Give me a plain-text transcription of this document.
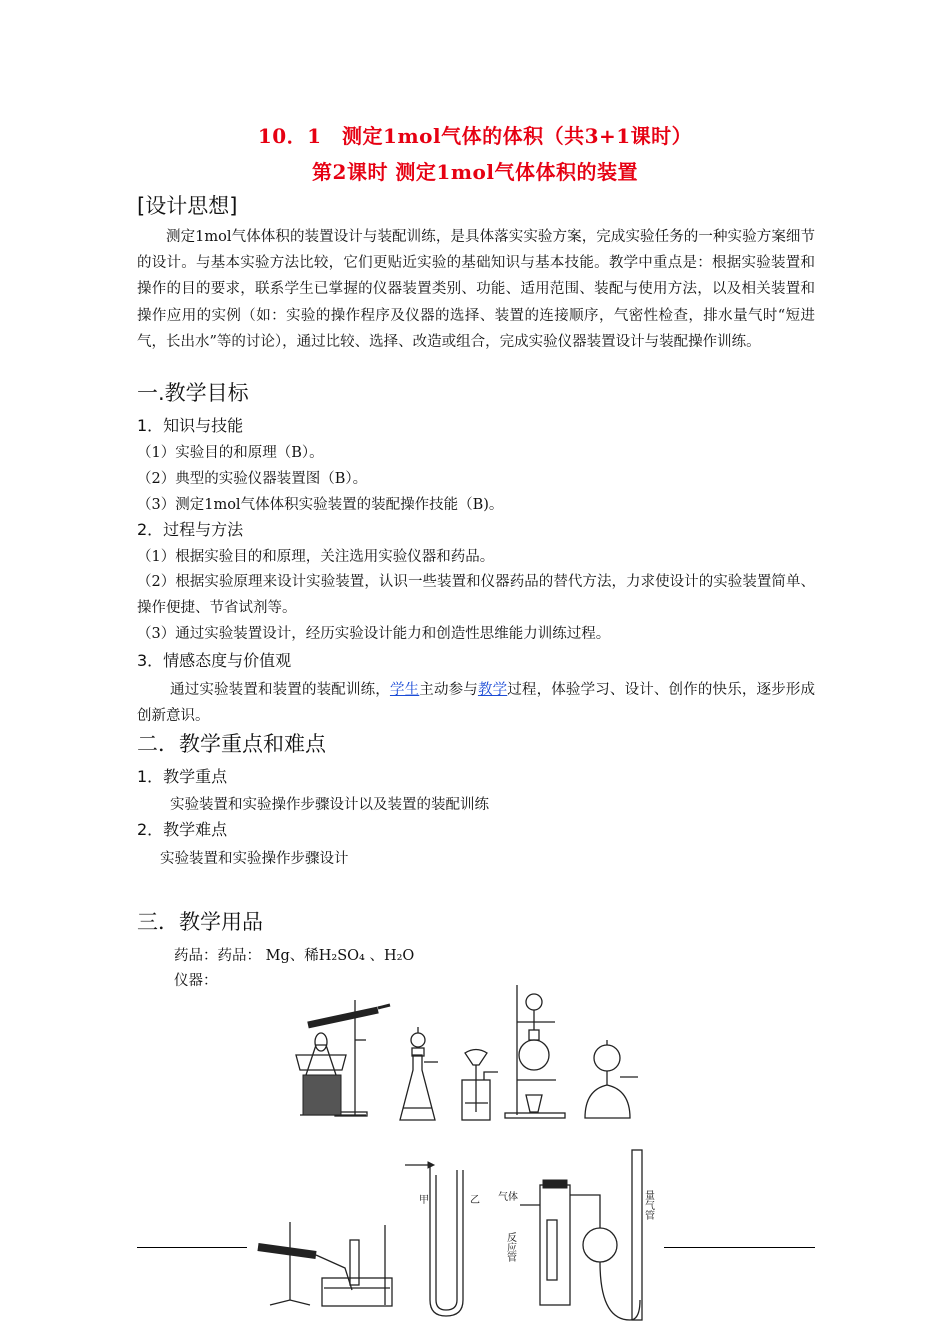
10．1　测定1mol气体的体积（共3+1课时）
第2课时 测定1mol气体体积的装置
[设计思想]
测定1mol气体体积的装置设计与装配训练，是具体落实实验方案，完成实验任务的一种实验方案细节的设计。与基本实验方法比较，它们更贴近实验的基础知识与基本技能。教学中重点是：根据实验装置和操作的目的要求，联系学生已掌握的仪器装置类别、功能、适用范围、装配与使用方法，以及相关装置和操作应用的实例（如：实验的操作程序及仪器的选择、装置的连接顺序，气密性检查，排水量气时“短进气，长出水”等的讨论），通过比较、选择、改造或组合，完成实验仪器装置设计与装配操作训练。
一.教学目标
1．知识与技能
（1）实验目的和原理（B）。
（2）典型的实验仪器装置图（B）。
（3）测定1mol气体体积实验装置的装配操作技能（B)。
2．过程与方法
（1）根据实验目的和原理，关注选用实验仪器和药品。
（2）根据实验原理来设计实验装置，认识一些装置和仪器药品的替代方法，力求使设计的实验装置简单、操作便捷、节省试剂等。
（3）通过实验装置设计，经历实验设计能力和创造性思维能力训练过程。
3．情感态度与价值观
通过实验装置和装置的装配训练，学生主动参与教学过程，体验学习、设计、创作的快乐，逐步形成创新意识。
二．教学重点和难点
1．教学重点
实验装置和实验操作步骤设计以及装置的装配训练
2．教学难点
实验装置和实验操作步骤设计
三．教学用品
药品：药品： Mg、稀H₂SO₄ 、H₂O
仪器：
甲	乙 气体
反应管
量气管
